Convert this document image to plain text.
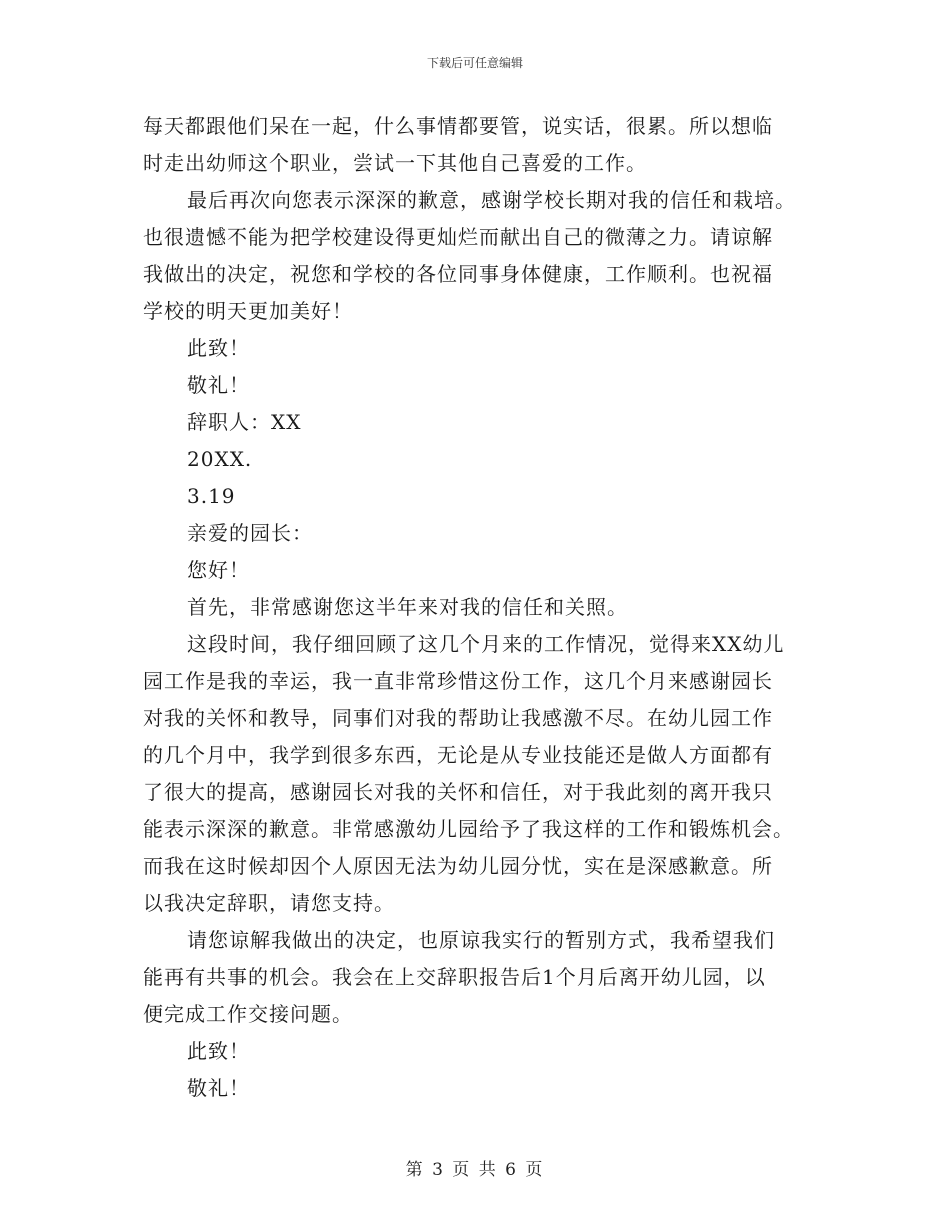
下载后可任意编辑

每天都跟他们呆在一起，什么事情都要管，说实话，很累。所以想临

时走出幼师这个职业，尝试一下其他自己喜爱的工作。

最后再次向您表示深深的歉意，感谢学校长期对我的信任和栽培。

也很遗憾不能为把学校建设得更灿烂而献出自己的微薄之力。请谅解

我做出的决定，祝您和学校的各位同事身体健康，工作顺利。也祝福

学校的明天更加美好！

此致！

敬礼！

辞职人：XX

20XX.

3.19

亲爱的园长：

您好！

首先，非常感谢您这半年来对我的信任和关照。

这段时间，我仔细回顾了这几个月来的工作情况，觉得来XX幼儿

园工作是我的幸运，我一直非常珍惜这份工作，这几个月来感谢园长

对我的关怀和教导，同事们对我的帮助让我感激不尽。在幼儿园工作

的几个月中，我学到很多东西，无论是从专业技能还是做人方面都有

了很大的提高，感谢园长对我的关怀和信任，对于我此刻的离开我只

能表示深深的歉意。非常感激幼儿园给予了我这样的工作和锻炼机会。

而我在这时候却因个人原因无法为幼儿园分忧，实在是深感歉意。所

以我决定辞职，请您支持。

请您谅解我做出的决定，也原谅我实行的暂别方式，我希望我们

能再有共事的机会。我会在上交辞职报告后1个月后离开幼儿园，以

便完成工作交接问题。

此致！

敬礼！

第 3 页 共 6 页
